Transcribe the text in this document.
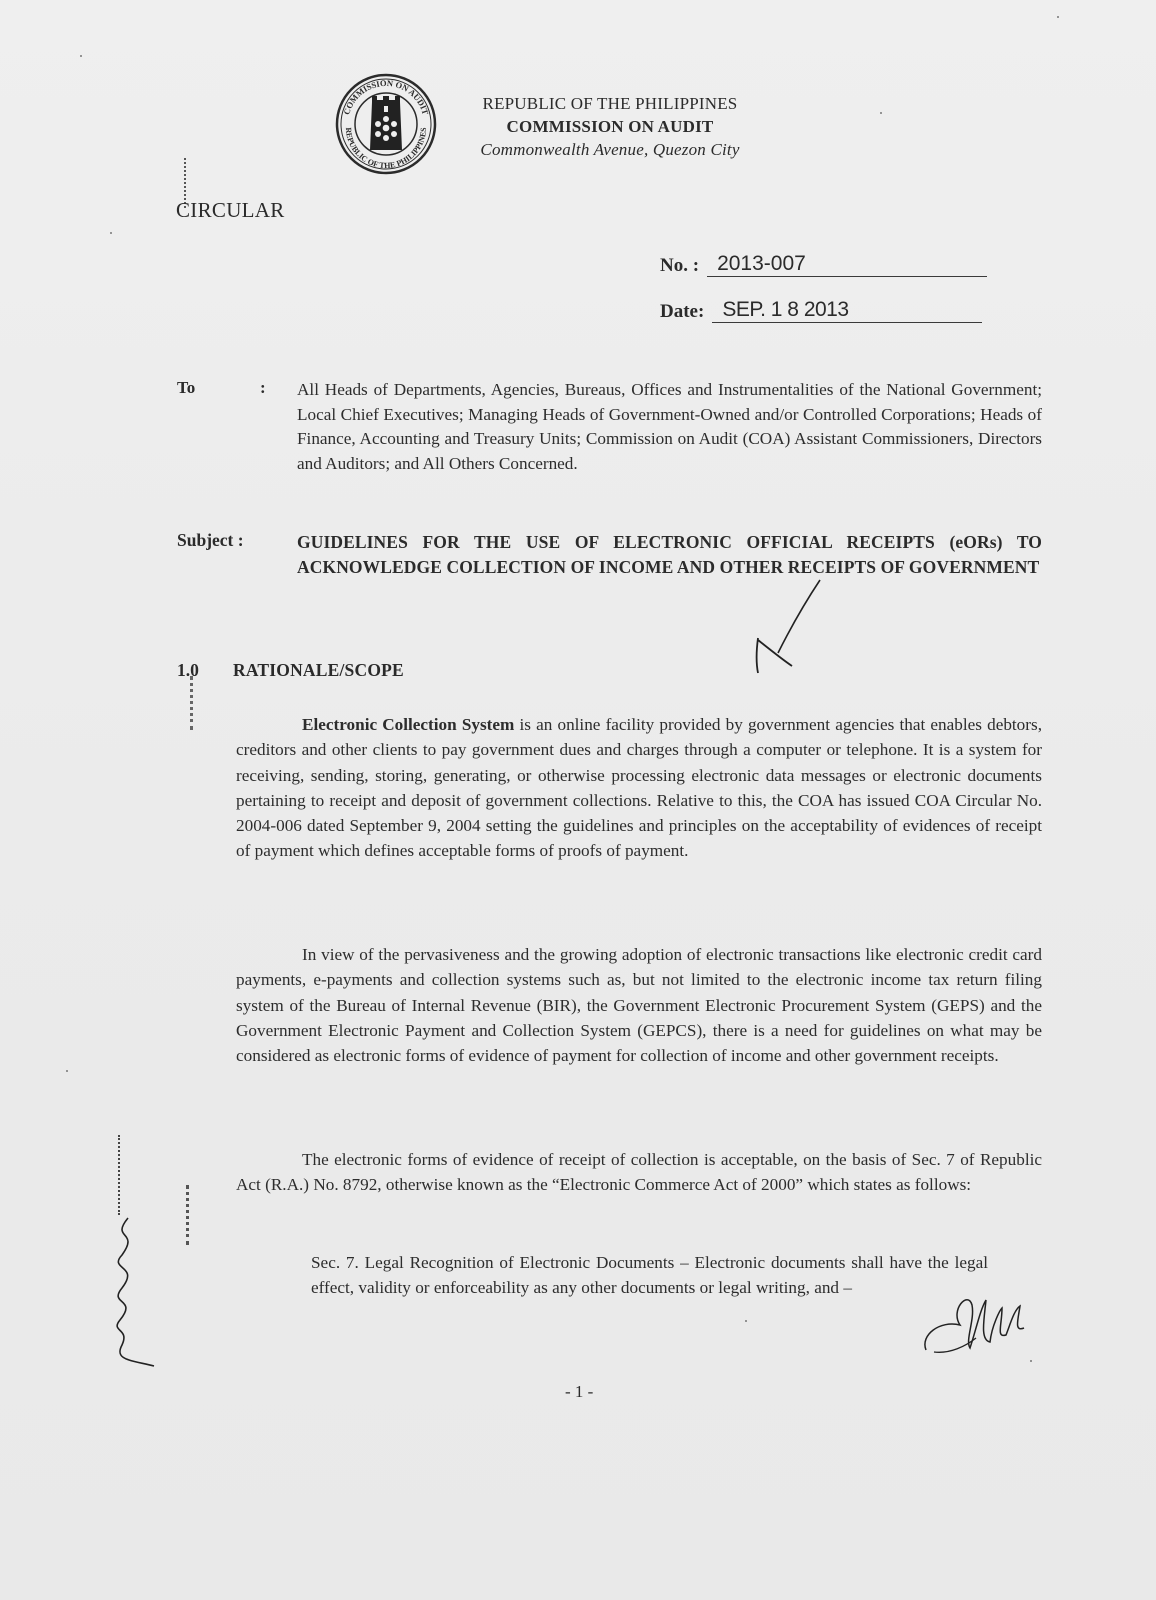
COMMISSION ON AUDIT
REPUBLIC OF THE PHILIPPINES
REPUBLIC OF THE PHILIPPINES
COMMISSION ON AUDIT
Commonwealth Avenue, Quezon City
CIRCULAR
No. : 2013-007
Date: SEP. 1 8 2013
To	: All Heads of Departments, Agencies, Bureaus, Offices and Instrumentalities of the National Government; Local Chief Executives; Managing Heads of Government-Owned and/or Controlled Corporations; Heads of Finance, Accounting and Treasury Units; Commission on Audit (COA) Assistant Commissioners, Directors and Auditors; and All Others Concerned.
Subject :	GUIDELINES FOR THE USE OF ELECTRONIC OFFICIAL RECEIPTS (eORs) TO ACKNOWLEDGE COLLECTION OF INCOME AND OTHER RECEIPTS OF GOVERNMENT
1.0 RATIONALE/SCOPE
Electronic Collection System is an online facility provided by government agencies that enables debtors, creditors and other clients to pay government dues and charges through a computer or telephone. It is a system for receiving, sending, storing, generating, or otherwise processing electronic data messages or electronic documents pertaining to receipt and deposit of government collections. Relative to this, the COA has issued COA Circular No. 2004-006 dated September 9, 2004 setting the guidelines and principles on the acceptability of evidences of receipt of payment which defines acceptable forms of proofs of payment.
In view of the pervasiveness and the growing adoption of electronic transactions like electronic credit card payments, e-payments and collection systems such as, but not limited to the electronic income tax return filing system of the Bureau of Internal Revenue (BIR), the Government Electronic Procurement System (GEPS) and the Government Electronic Payment and Collection System (GEPCS), there is a need for guidelines on what may be considered as electronic forms of evidence of payment for collection of income and other government receipts.
The electronic forms of evidence of receipt of collection is acceptable, on the basis of Sec. 7 of Republic Act (R.A.) No. 8792, otherwise known as the “Electronic Commerce Act of 2000” which states as follows:
Sec. 7. Legal Recognition of Electronic Documents – Electronic documents shall have the legal effect, validity or enforceability as any other documents or legal writing, and –
- 1 -
